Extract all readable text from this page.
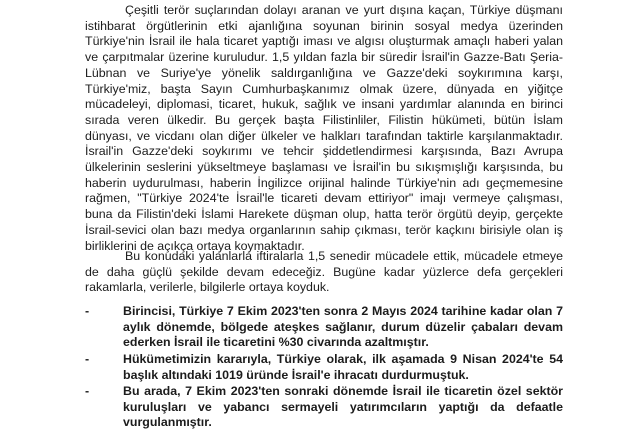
Çeşitli terör suçlarından dolayı aranan ve yurt dışına kaçan, Türkiye düşmanı istihbarat örgütlerinin etki ajanlığına soyunan birinin sosyal medya üzerinden Türkiye'nin İsrail ile hala ticaret yaptığı iması ve algısı oluşturmak amaçlı haberi yalan ve çarpıtmalar üzerine kuruludur. 1,5 yıldan fazla bir süredir İsrail'in Gazze-Batı Şeria-Lübnan ve Suriye'ye yönelik saldırganlığına ve Gazze'deki soykırımına karşı, Türkiye'miz, başta Sayın Cumhurbaşkanımız olmak üzere, dünyada en yiğitçe mücadeleyi, diplomasi, ticaret, hukuk, sağlık ve insani yardımlar alanında en birinci sırada veren ülkedir. Bu gerçek başta Filistinliler, Filistin hükümeti, bütün İslam dünyası, ve vicdanı olan diğer ülkeler ve halkları tarafından taktirle karşılanmaktadır. İsrail'in Gazze'deki soykırımı ve tehcir şiddetlendirmesi karşısında, Bazı Avrupa ülkelerinin seslerini yükseltmeye başlaması ve İsrail'in bu sıkışmışlığı karşısında, bu haberin uydurulması, haberin İngilizce orijinal halinde Türkiye'nin adı geçmemesine rağmen, "Türkiye 2024'te İsrail'le ticareti devam ettiriyor" imajı vermeye çalışması, buna da Filistin'deki İslami Harekete düşman olup, hatta terör örgütü deyip, gerçekte İsrail-sevici olan bazı medya organlarının sahip çıkması, terör kaçkını birisiyle olan iş birliklerini de açıkça ortaya koymaktadır.

Bu konudaki yalanlarla iftiralarla 1,5 senedir mücadele ettik, mücadele etmeye de daha güçlü şekilde devam edeceğiz. Bugüne kadar yüzlerce defa gerçekleri rakamlarla, verilerle, bilgilerle ortaya koyduk.

-	Birincisi, Türkiye 7 Ekim 2023'ten sonra 2 Mayıs 2024 tarihine kadar olan 7 aylık dönemde, bölgede ateşkes sağlanır, durum düzelir çabaları devam ederken İsrail ile ticaretini %30 civarında azaltmıştır.
-	Hükümetimizin kararıyla, Türkiye olarak, ilk aşamada 9 Nisan 2024'te 54 başlık altındaki 1019 üründe İsrail'e ihracatı durdurmuştuk.
-	Bu arada, 7 Ekim 2023'ten sonraki dönemde İsrail ile ticaretin özel sektör kuruluşları ve yabancı sermayeli yatırımcıların yaptığı da defaatle vurgulanmıştır.
